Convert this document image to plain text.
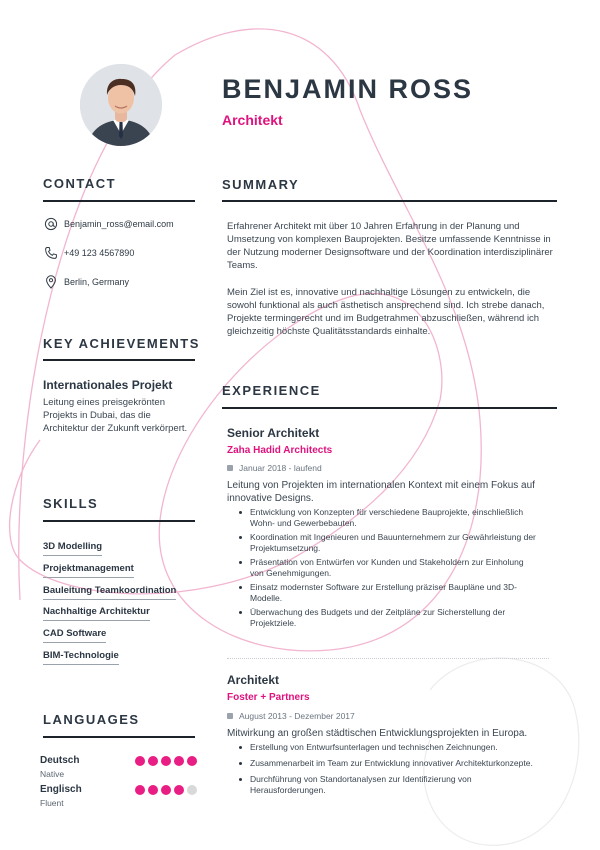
BENJAMIN ROSS
Architekt
CONTACT
Benjamin_ross@email.com
+49 123 4567890
Berlin, Germany
KEY ACHIEVEMENTS
Internationales Projekt
Leitung eines preisgekrönten Projekts in Dubai, das die Architektur der Zukunft verkörpert.
SKILLS
3D Modelling
Projektmanagement
Bauleitung Teamkoordination
Nachhaltige Architektur
CAD Software
BIM-Technologie
LANGUAGES
Deutsch
Native
Englisch
Fluent
SUMMARY
Erfahrener Architekt mit über 10 Jahren Erfahrung in der Planung und Umsetzung von komplexen Bauprojekten. Besitze umfassende Kenntnisse in der Nutzung moderner Designsoftware und der Koordination interdisziplinärer Teams.
Mein Ziel ist es, innovative und nachhaltige Lösungen zu entwickeln, die sowohl funktional als auch ästhetisch ansprechend sind. Ich strebe danach, Projekte termingerecht und im Budgetrahmen abzuschließen, während ich gleichzeitig höchste Qualitätsstandards einhalte.
EXPERIENCE
Senior Architekt
Zaha Hadid Architects
Januar 2018 - laufend
Leitung von Projekten im internationalen Kontext mit einem Fokus auf innovative Designs.
Entwicklung von Konzepten für verschiedene Bauprojekte, einschließlich Wohn- und Gewerbebauten.
Koordination mit Ingenieuren und Bauunternehmern zur Gewährleistung der Projektumsetzung.
Präsentation von Entwürfen vor Kunden und Stakeholdern zur Einholung von Genehmigungen.
Einsatz modernster Software zur Erstellung präziser Baupläne und 3D-Modelle.
Überwachung des Budgets und der Zeitpläne zur Sicherstellung der Projektziele.
Architekt
Foster + Partners
August 2013 - Dezember 2017
Mitwirkung an großen städtischen Entwicklungsprojekten in Europa.
Erstellung von Entwurfsunterlagen und technischen Zeichnungen.
Zusammenarbeit im Team zur Entwicklung innovativer Architekturkonzepte.
Durchführung von Standortanalysen zur Identifizierung von Herausforderungen.
